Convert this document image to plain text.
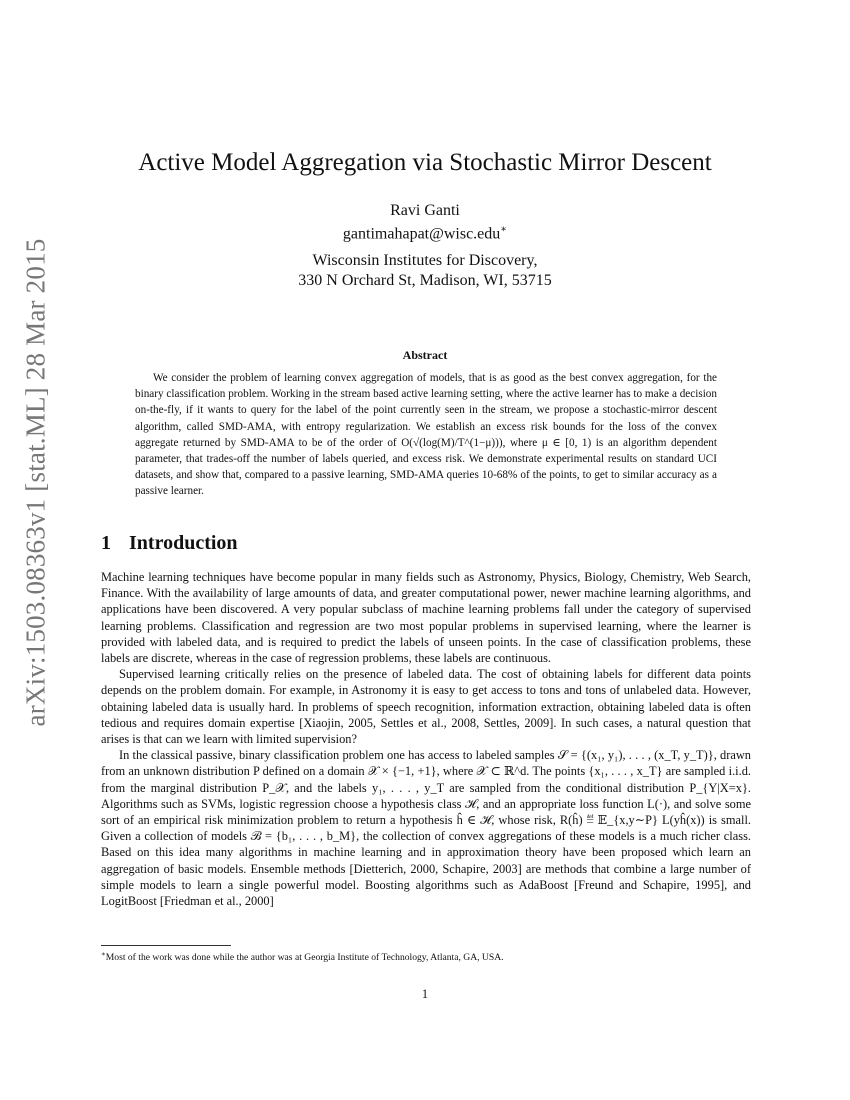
arXiv:1503.08363v1 [stat.ML] 28 Mar 2015
Active Model Aggregation via Stochastic Mirror Descent
Ravi Ganti
gantimahapat@wisc.edu∗
Wisconsin Institutes for Discovery,
330 N Orchard St, Madison, WI, 53715
Abstract

We consider the problem of learning convex aggregation of models, that is as good as the best convex aggregation, for the binary classification problem. Working in the stream based active learning setting, where the active learner has to make a decision on-the-fly, if it wants to query for the label of the point currently seen in the stream, we propose a stochastic-mirror descent algorithm, called SMD-AMA, with entropy regularization. We establish an excess risk bounds for the loss of the convex aggregate returned by SMD-AMA to be of the order of O(√(log(M)/T^(1−μ))), where μ ∈ [0, 1) is an algorithm dependent parameter, that trades-off the number of labels queried, and excess risk. We demonstrate experimental results on standard UCI datasets, and show that, compared to a passive learning, SMD-AMA queries 10-68% of the points, to get to similar accuracy as a passive learner.

1 Introduction

Machine learning techniques have become popular in many fields such as Astronomy, Physics, Biology, Chemistry, Web Search, Finance. With the availability of large amounts of data, and greater computational power, newer machine learning algorithms, and applications have been discovered. A very popular subclass of machine learning problems fall under the category of supervised learning problems. Classification and regression are two most popular problems in supervised learning, where the learner is provided with labeled data, and is required to predict the labels of unseen points. In the case of classification problems, these labels are discrete, whereas in the case of regression problems, these labels are continuous.

Supervised learning critically relies on the presence of labeled data. The cost of obtaining labels for different data points depends on the problem domain. For example, in Astronomy it is easy to get access to tons and tons of unlabeled data. However, obtaining labeled data is usually hard. In problems of speech recognition, information extraction, obtaining labeled data is often tedious and requires domain expertise [Xiaojin, 2005, Settles et al., 2008, Settles, 2009]. In such cases, a natural question that arises is that can we learn with limited supervision?

In the classical passive, binary classification problem one has access to labeled samples 𝒮 = {(x₁, y₁), . . . , (x_T, y_T)}, drawn from an unknown distribution P defined on a domain 𝒳 × {−1, +1}, where 𝒳 ⊂ ℝ^d. The points {x₁, . . . , x_T} are sampled i.i.d. from the marginal distribution P_𝒳, and the labels y₁, . . . , y_T are sampled from the conditional distribution P_{Y|X=x}. Algorithms such as SVMs, logistic regression choose a hypothesis class ℋ, and an appropriate loss function L(·), and solve some sort of an empirical risk minimization problem to return a hypothesis ĥ ∈ ℋ, whose risk, R(ĥ) ≝ 𝔼_{x,y∼P} L(yĥ(x)) is small. Given a collection of models ℬ = {b₁, . . . , b_M}, the collection of convex aggregations of these models is a much richer class. Based on this idea many algorithms in machine learning and in approximation theory have been proposed which learn an aggregation of basic models. Ensemble methods [Dietterich, 2000, Schapire, 2003] are methods that combine a large number of simple models to learn a single powerful model. Boosting algorithms such as AdaBoost [Freund and Schapire, 1995], and LogitBoost [Friedman et al., 2000]

∗Most of the work was done while the author was at Georgia Institute of Technology, Atlanta, GA, USA.
1
